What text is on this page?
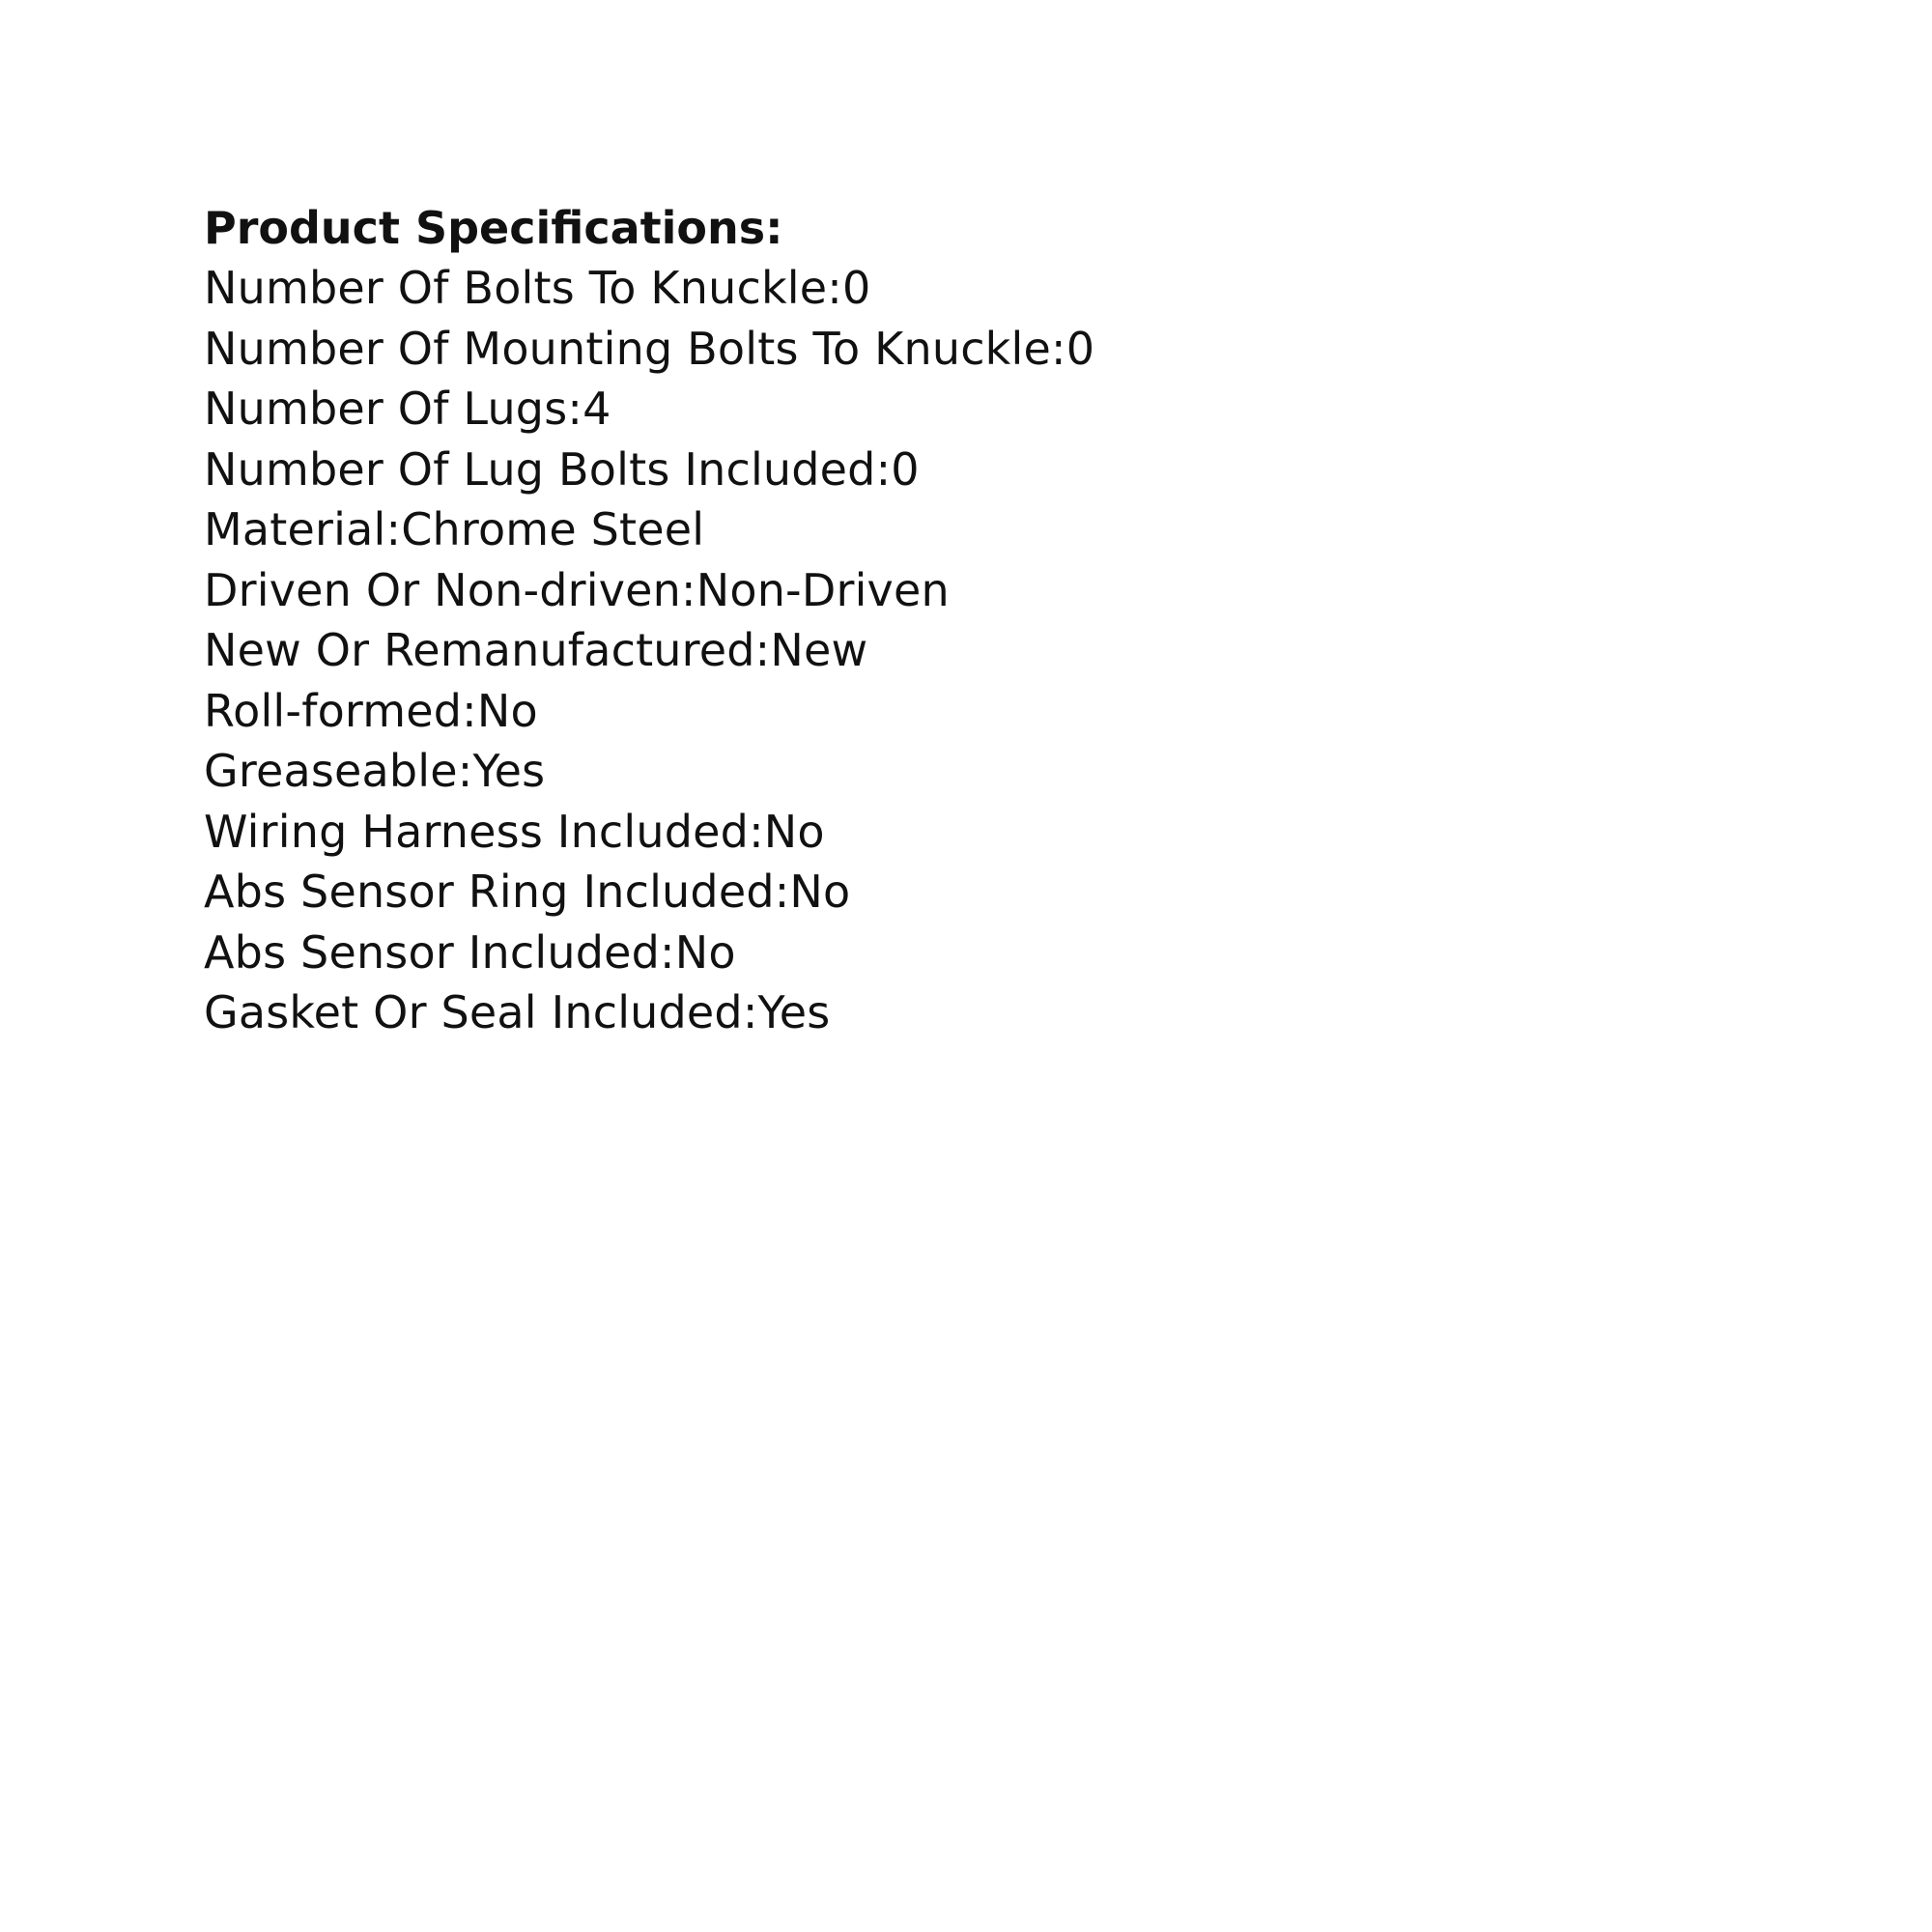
Product Specifications:
Number Of Bolts To Knuckle:0
Number Of Mounting Bolts To Knuckle:0
Number Of Lugs:4
Number Of Lug Bolts Included:0
Material:Chrome Steel
Driven Or Non-driven:Non-Driven
New Or Remanufactured:New
Roll-formed:No
Greaseable:Yes
Wiring Harness Included:No
Abs Sensor Ring Included:No
Abs Sensor Included:No
Gasket Or Seal Included:Yes
